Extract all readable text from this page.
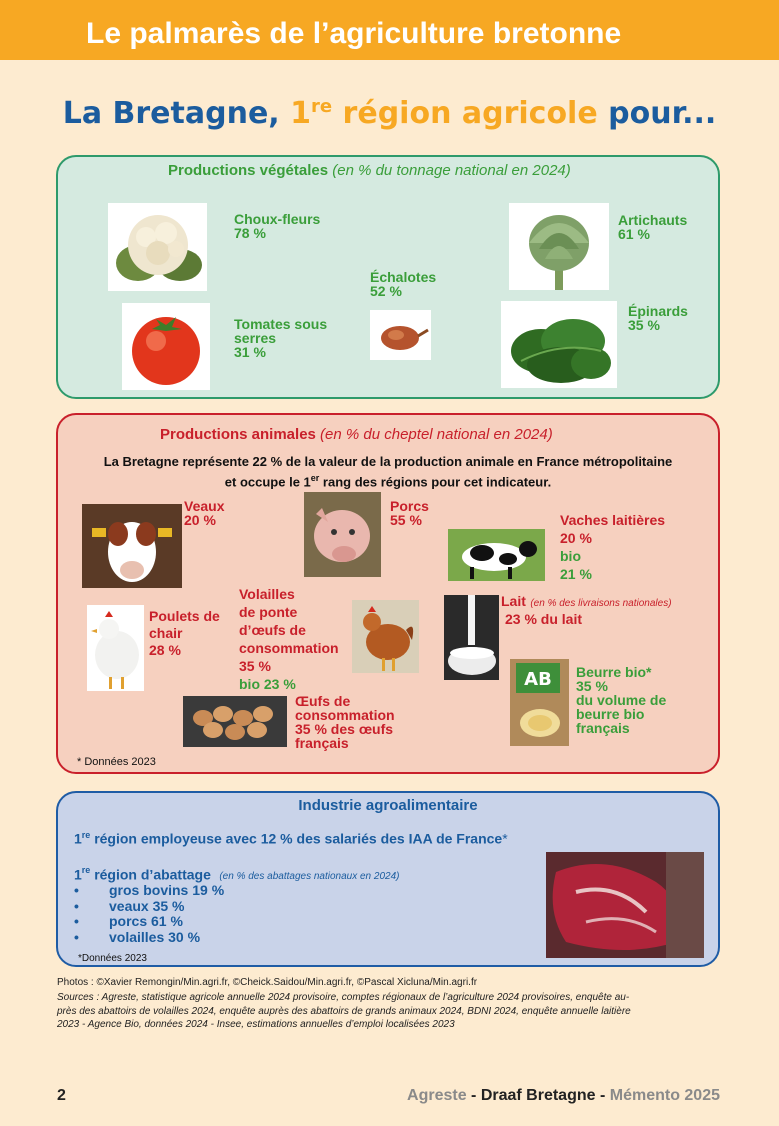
Le palmarès de l’agriculture bretonne
La Bretagne, 1re région agricole pour...
Productions végétales (en % du tonnage national en 2024)
Choux-fleurs
78 %
Artichauts
61 %
Échalotes
52 %
Tomates sous
serres
31 %
Épinards
35 %
Productions animales (en % du cheptel national en 2024)
La Bretagne représente 22 % de la valeur de la production animale en France métropolitaine
et occupe le 1er rang des régions pour cet indicateur.
Veaux
20 %
Porcs
55 %	Vaches laitières
20 %
bio
21 %
Poulets de
chair
28 %
Volailles
de ponte
d’œufs de
consommation
35 %
bio 23 %
Lait (en % des livraisons nationales)
23 % du lait
AB Beurre bio*
35 %
du volume de
beurre bio
français
Œufs de
consommation
35 % des œufs
français
* Données 2023
Industrie agroalimentaire
1re région employeuse avec 12 % des salariés des IAA de France*
1re région d’abattage (en % des abattages nationaux en 2024)
• gros bovins 19 %
• veaux 35 %
• porcs 61 %
• volailles 30 %
*Données 2023
Photos : ©Xavier Remongin/Min.agri.fr, ©Cheick.Saidou/Min.agri.fr, ©Pascal Xicluna/Min.agri.fr
Sources : Agreste, statistique agricole annuelle 2024 provisoire, comptes régionaux de l’agriculture 2024 provisoires, enquête au-
près des abattoirs de volailles 2024, enquête auprès des abattoirs de grands animaux 2024, BDNI 2024, enquête annuelle laitière
2023 - Agence Bio, données 2024 - Insee, estimations annuelles d’emploi localisées 2023
2	Agreste - Draaf Bretagne - Mémento 2025
